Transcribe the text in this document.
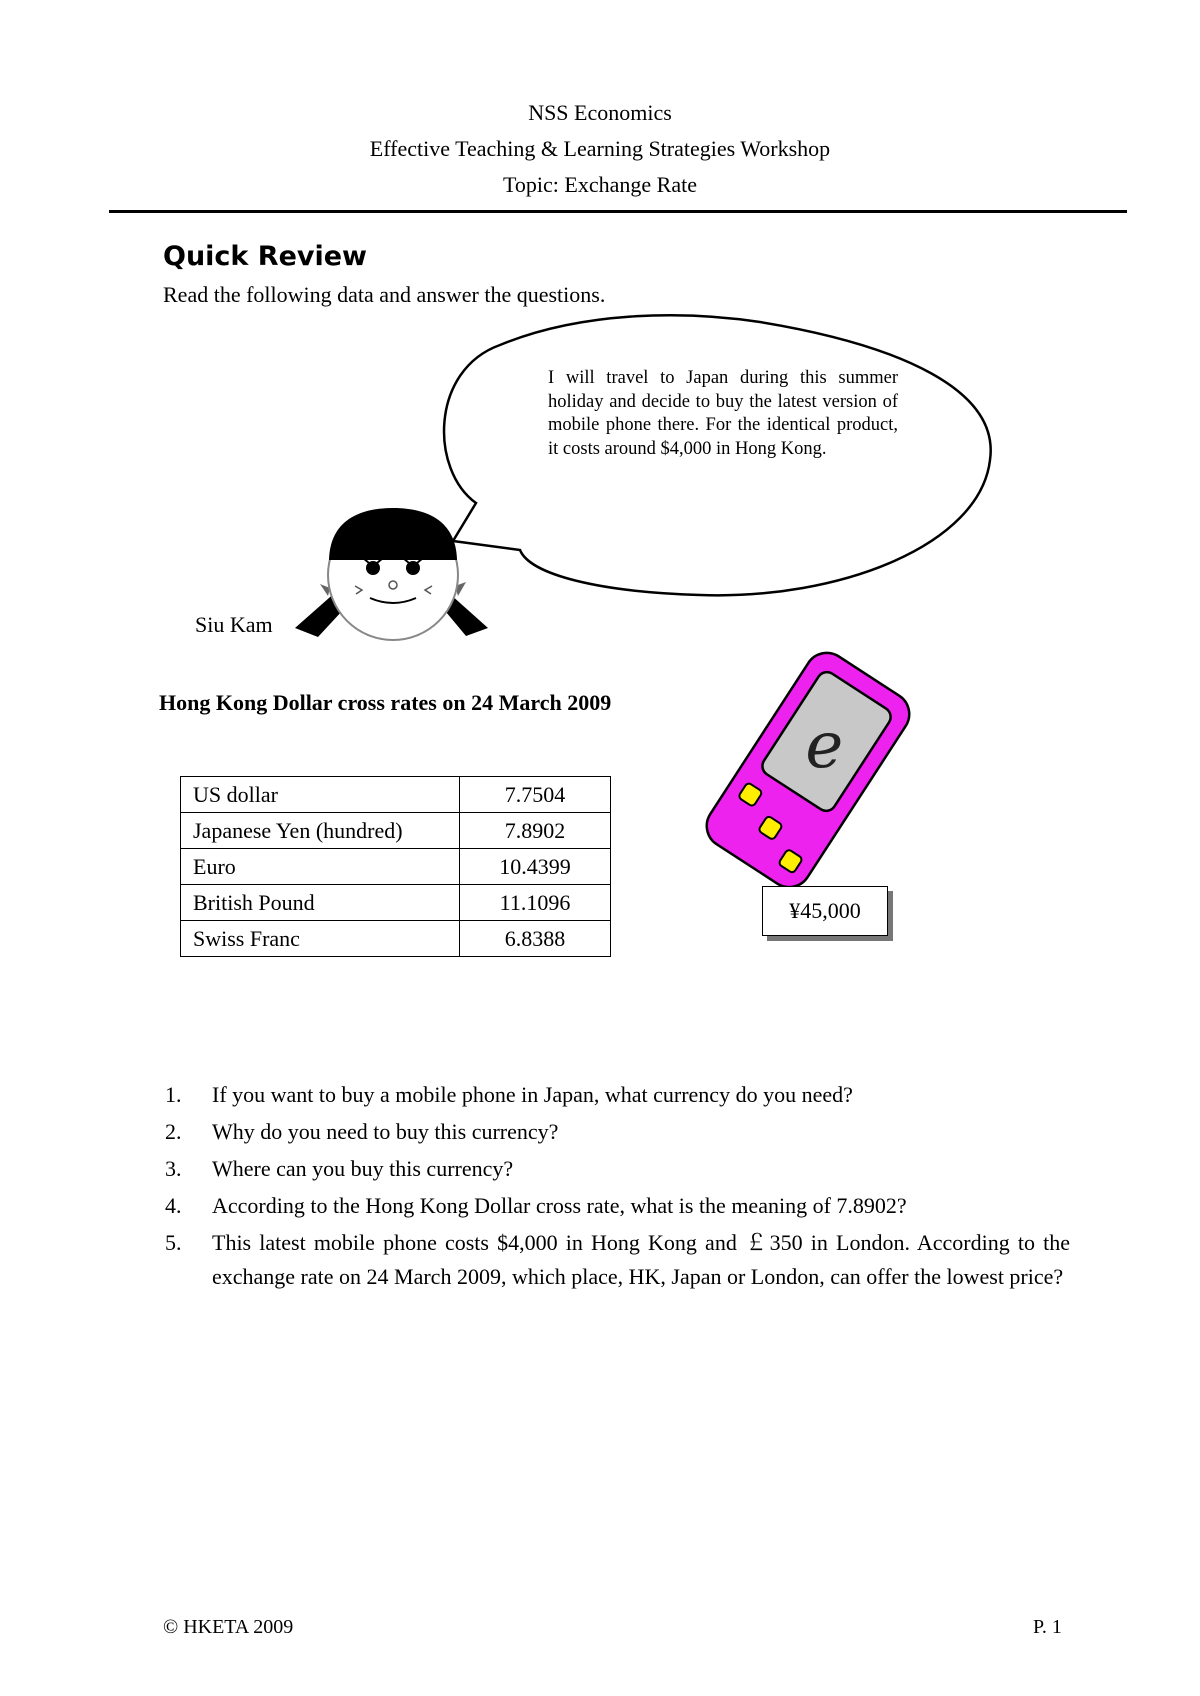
NSS Economics
Effective Teaching & Learning Strategies Workshop
Topic: Exchange Rate
Quick Review
Read the following data and answer the questions.
e
I will travel to Japan during this summer holiday and decide to buy the latest version of mobile phone there. For the identical product, it costs around $4,000 in Hong Kong.
Siu Kam
Hong Kong Dollar cross rates on 24 March 2009
US dollar	7.7504
Japanese Yen (hundred)	7.8902
Euro	10.4399
British Pound	11.1096
Swiss Franc	6.8388
¥45,000
1.	If you want to buy a mobile phone in Japan, what currency do you need?
2.	Why do you need to buy this currency?
3.	Where can you buy this currency?
4.	According to the Hong Kong Dollar cross rate, what is the meaning of 7.8902?
5.	This latest mobile phone costs $4,000 in Hong Kong and ￡350 in London. According to the exchange rate on 24 March 2009, which place, HK, Japan or London, can offer the lowest price?
© HKETA 2009	P. 1
